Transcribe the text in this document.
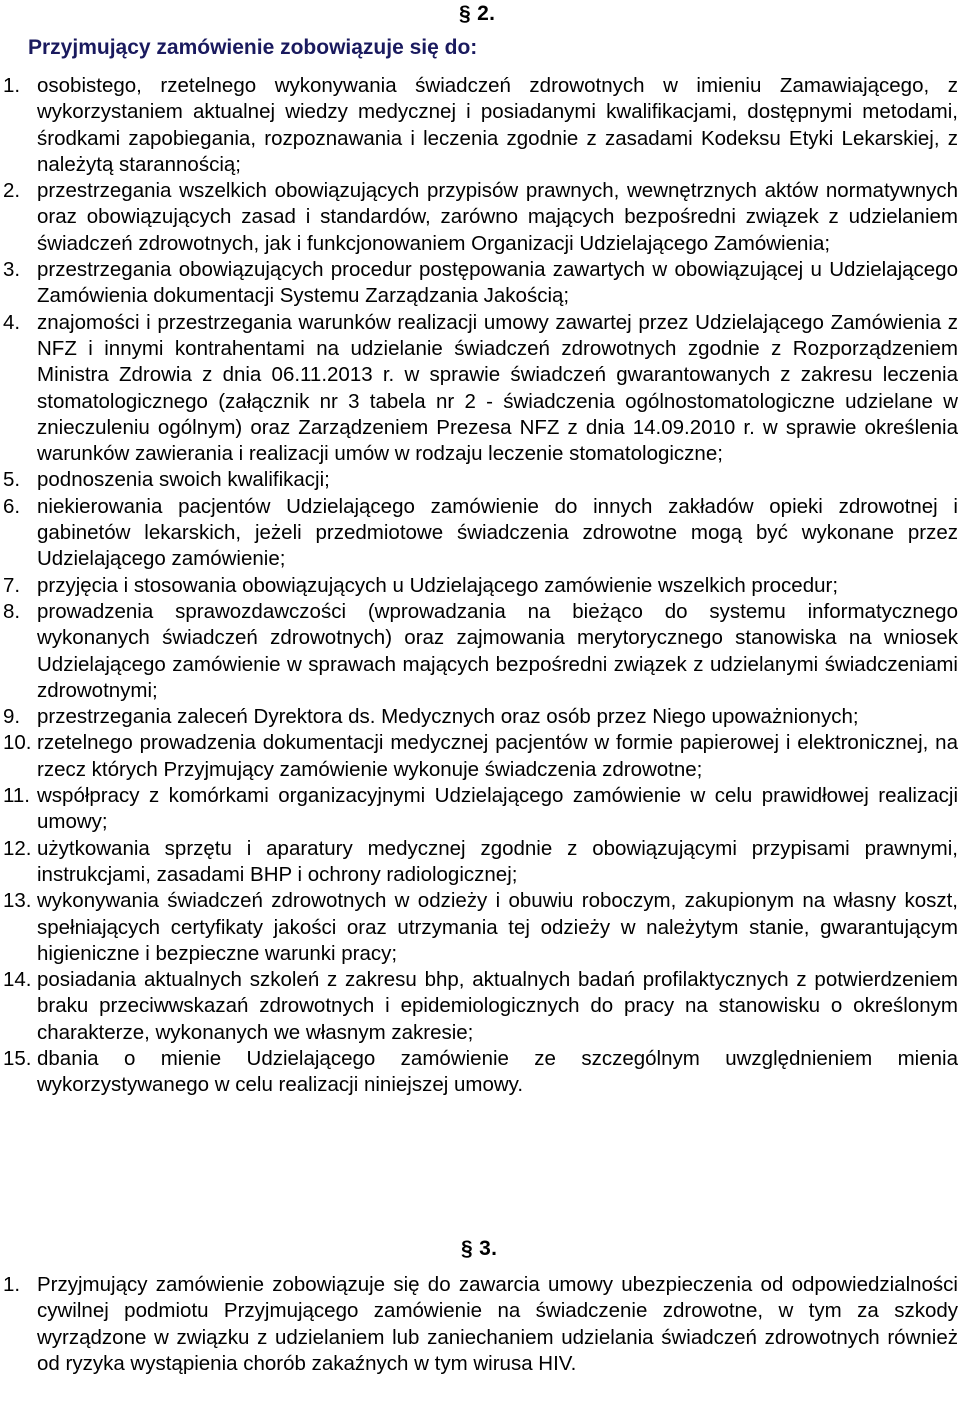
§ 2.
Przyjmujący zamówienie zobowiązuje się do:
1. osobistego, rzetelnego wykonywania świadczeń zdrowotnych w imieniu Zamawiającego, z wykorzystaniem aktualnej wiedzy medycznej i posiadanymi kwalifikacjami, dostępnymi metodami, środkami zapobiegania, rozpoznawania i leczenia zgodnie z zasadami Kodeksu Etyki Lekarskiej, z należytą starannością;
2. przestrzegania wszelkich obowiązujących przypisów prawnych, wewnętrznych aktów normatywnych oraz obowiązujących zasad i standardów, zarówno mających bezpośredni związek z udzielaniem świadczeń zdrowotnych, jak i funkcjonowaniem Organizacji Udzielającego Zamówienia;
3. przestrzegania obowiązujących procedur postępowania zawartych w obowiązującej u Udzielającego Zamówienia dokumentacji Systemu Zarządzania Jakością;
4. znajomości i przestrzegania warunków realizacji umowy zawartej przez Udzielającego Zamówienia z NFZ i innymi kontrahentami na udzielanie świadczeń zdrowotnych zgodnie z Rozporządzeniem Ministra Zdrowia z dnia 06.11.2013 r. w sprawie świadczeń gwarantowanych z zakresu leczenia stomatologicznego (załącznik nr 3 tabela nr 2 - świadczenia ogólnostomatologiczne udzielane w znieczuleniu ogólnym) oraz Zarządzeniem Prezesa NFZ z dnia 14.09.2010 r. w sprawie określenia warunków zawierania i realizacji umów w rodzaju leczenie stomatologiczne;
5. podnoszenia swoich kwalifikacji;
6. niekierowania pacjentów Udzielającego zamówienie do innych zakładów opieki zdrowotnej i gabinetów lekarskich, jeżeli przedmiotowe świadczenia zdrowotne mogą być wykonane przez Udzielającego zamówienie;
7. przyjęcia i stosowania obowiązujących u Udzielającego zamówienie wszelkich procedur;
8. prowadzenia sprawozdawczości (wprowadzania na bieżąco do systemu informatycznego wykonanych świadczeń zdrowotnych) oraz zajmowania merytorycznego stanowiska na wniosek Udzielającego zamówienie w sprawach mających bezpośredni związek z udzielanymi świadczeniami zdrowotnymi;
9. przestrzegania zaleceń Dyrektora ds. Medycznych oraz osób przez Niego upoważnionych;
10. rzetelnego prowadzenia dokumentacji medycznej pacjentów w formie papierowej i elektronicznej, na rzecz których Przyjmujący zamówienie wykonuje świadczenia zdrowotne;
11. współpracy z komórkami organizacyjnymi Udzielającego zamówienie w celu prawidłowej realizacji umowy;
12. użytkowania sprzętu i aparatury medycznej zgodnie z obowiązującymi przypisami prawnymi, instrukcjami, zasadami BHP i ochrony radiologicznej;
13. wykonywania świadczeń zdrowotnych w odzieży i obuwiu roboczym, zakupionym na własny koszt, spełniających certyfikaty jakości oraz utrzymania tej odzieży w należytym stanie, gwarantującym higieniczne i bezpieczne warunki pracy;
14. posiadania aktualnych szkoleń z zakresu bhp, aktualnych badań profilaktycznych z potwierdzeniem braku przeciwwskazań zdrowotnych i epidemiologicznych do pracy na stanowisku o określonym charakterze, wykonanych we własnym zakresie;
15. dbania o mienie Udzielającego zamówienie ze szczególnym uwzględnieniem mienia wykorzystywanego w celu realizacji niniejszej umowy.
§ 3.
1. Przyjmujący zamówienie zobowiązuje się do zawarcia umowy ubezpieczenia od odpowiedzialności cywilnej podmiotu Przyjmującego zamówienie na świadczenie zdrowotne, w tym za szkody wyrządzone w związku z udzielaniem lub zaniechaniem udzielania świadczeń zdrowotnych również od ryzyka wystąpienia chorób zakaźnych w tym wirusa HIV.
